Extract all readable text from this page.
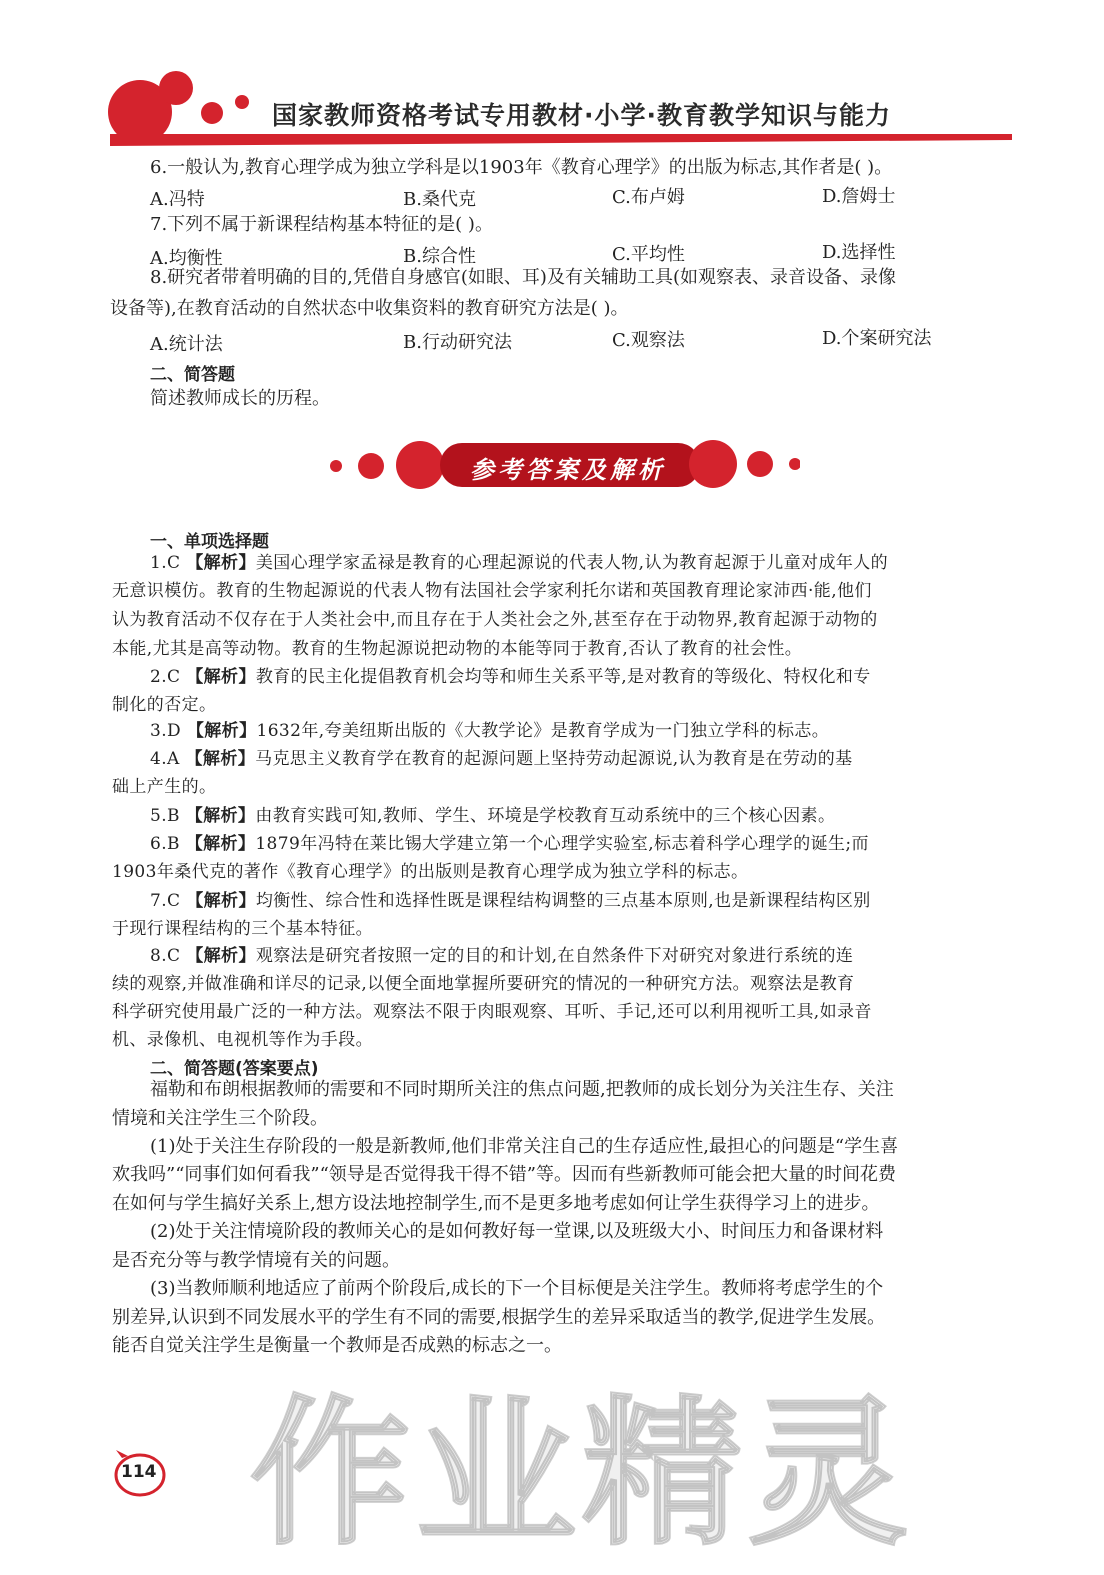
国家教师资格考试专用教材·小学·教育教学知识与能力
6.一般认为,教育心理学成为独立学科是以1903年《教育心理学》的出版为标志,其作者是( )。
A.冯特	B.桑代克	C.布卢姆	D.詹姆士
7.下列不属于新课程结构基本特征的是( )。
A.均衡性	B.综合性	C.平均性	D.选择性
8.研究者带着明确的目的,凭借自身感官(如眼、耳)及有关辅助工具(如观察表、录音设备、录像
设备等),在教育活动的自然状态中收集资料的教育研究方法是( )。
A.统计法	B.行动研究法	C.观察法	D.个案研究法
二、简答题
简述教师成长的历程。
参考答案及解析
一、单项选择题
1.C 【解析】美国心理学家孟禄是教育的心理起源说的代表人物,认为教育起源于儿童对成年人的
无意识模仿。教育的生物起源说的代表人物有法国社会学家利托尔诺和英国教育理论家沛西·能,他们
认为教育活动不仅存在于人类社会中,而且存在于人类社会之外,甚至存在于动物界,教育起源于动物的
本能,尤其是高等动物。教育的生物起源说把动物的本能等同于教育,否认了教育的社会性。
2.C 【解析】教育的民主化提倡教育机会均等和师生关系平等,是对教育的等级化、特权化和专
制化的否定。
3.D 【解析】1632年,夸美纽斯出版的《大教学论》是教育学成为一门独立学科的标志。
4.A 【解析】马克思主义教育学在教育的起源问题上坚持劳动起源说,认为教育是在劳动的基
础上产生的。
5.B 【解析】由教育实践可知,教师、学生、环境是学校教育互动系统中的三个核心因素。
6.B 【解析】1879年冯特在莱比锡大学建立第一个心理学实验室,标志着科学心理学的诞生;而
1903年桑代克的著作《教育心理学》的出版则是教育心理学成为独立学科的标志。
7.C 【解析】均衡性、综合性和选择性既是课程结构调整的三点基本原则,也是新课程结构区别
于现行课程结构的三个基本特征。
8.C 【解析】观察法是研究者按照一定的目的和计划,在自然条件下对研究对象进行系统的连
续的观察,并做准确和详尽的记录,以便全面地掌握所要研究的情况的一种研究方法。观察法是教育
科学研究使用最广泛的一种方法。观察法不限于肉眼观察、耳听、手记,还可以利用视听工具,如录音
机、录像机、电视机等作为手段。
二、简答题(答案要点)
福勒和布朗根据教师的需要和不同时期所关注的焦点问题,把教师的成长划分为关注生存、关注
情境和关注学生三个阶段。
(1)处于关注生存阶段的一般是新教师,他们非常关注自己的生存适应性,最担心的问题是“学生喜
欢我吗”“同事们如何看我”“领导是否觉得我干得不错”等。因而有些新教师可能会把大量的时间花费
在如何与学生搞好关系上,想方设法地控制学生,而不是更多地考虑如何让学生获得学习上的进步。
(2)处于关注情境阶段的教师关心的是如何教好每一堂课,以及班级大小、时间压力和备课材料
是否充分等与教学情境有关的问题。
(3)当教师顺利地适应了前两个阶段后,成长的下一个目标便是关注学生。教师将考虑学生的个
别差异,认识到不同发展水平的学生有不同的需要,根据学生的差异采取适当的教学,促进学生发展。
能否自觉关注学生是衡量一个教师是否成熟的标志之一。
作业精灵
114
